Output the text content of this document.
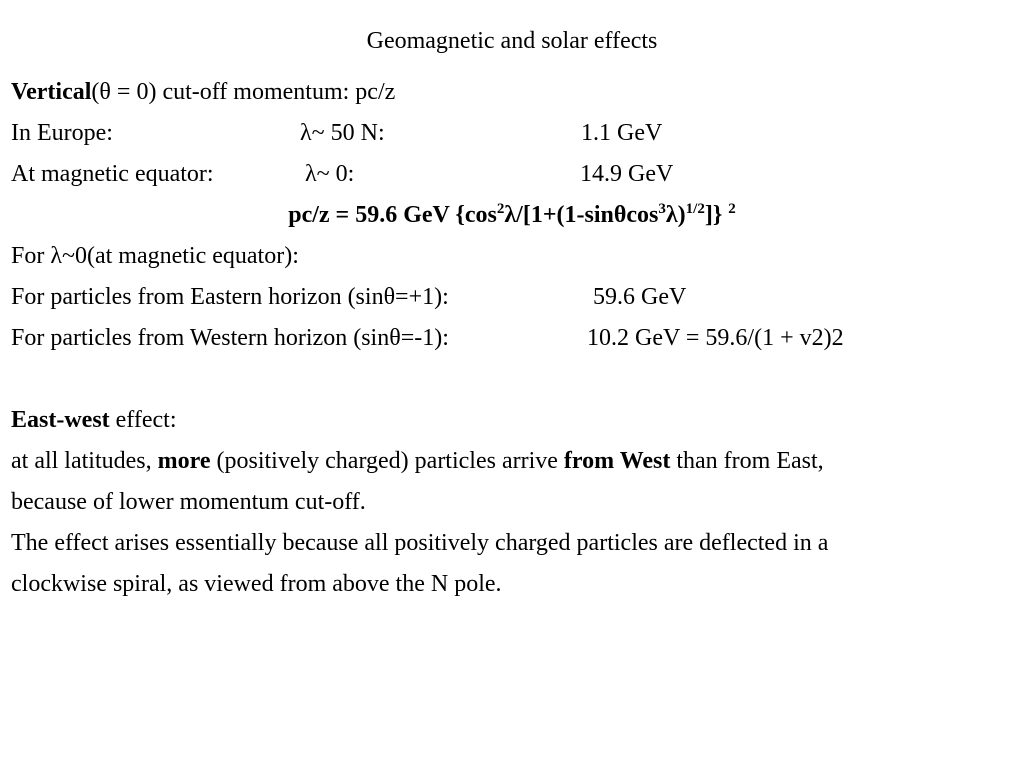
Geomagnetic and solar effects
Vertical(θ = 0) cut-off momentum: pc/z
In Europe:	λ~ 50 N:	1.1 GeV
At magnetic equator:	λ~ 0:	14.9 GeV
pc/z = 59.6 GeV $\{\cos^2\lambda/[1+(1-\sin\theta\cos^3\lambda)^{1/2}]\}$ $^2$
For λ~0(at magnetic equator):
For particles from Eastern horizon (sinθ=+1):	59.6 GeV
For particles from Western horizon (sinθ=-1):	10.2 GeV = 59.6/(1 + v2)2
East-west effect:
at all latitudes, more (positively charged) particles arrive from West than from East,
because of lower momentum cut-off.
The effect arises essentially because all positively charged particles are deflected in a
clockwise spiral, as viewed from above the N pole.
